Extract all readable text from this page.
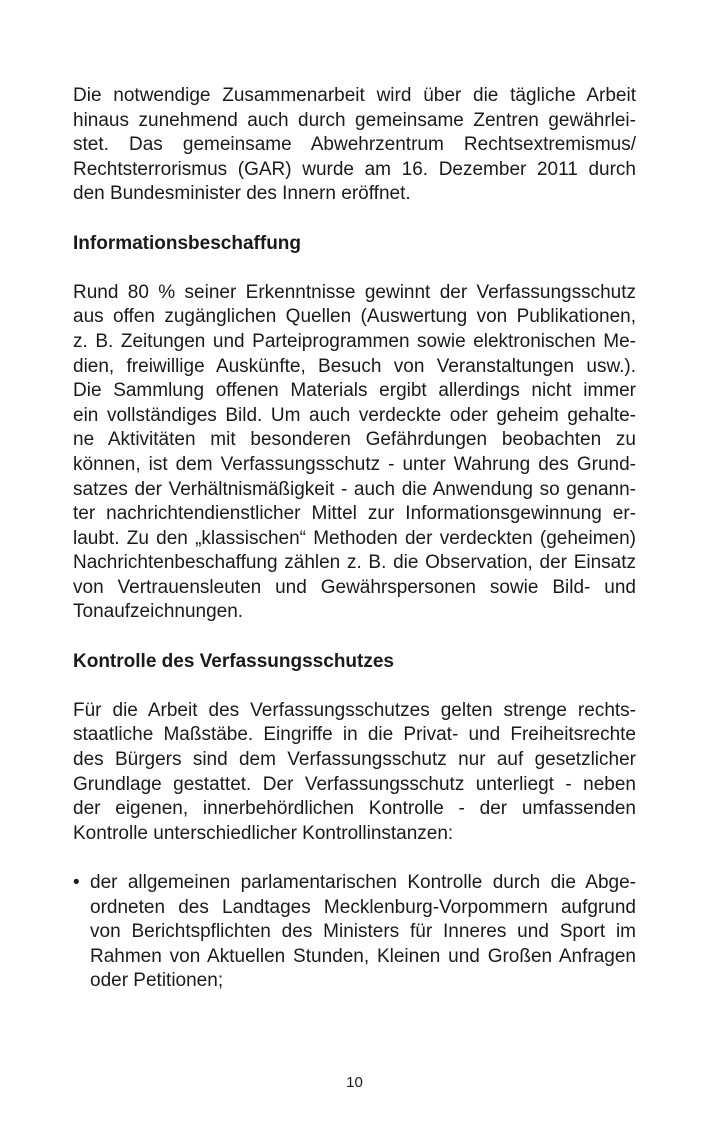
Die notwendige Zusammenarbeit wird über die tägliche Arbeit
hinaus zunehmend auch durch gemeinsame Zentren gewährlei-
stet. Das gemeinsame Abwehrzentrum Rechtsextremismus/
Rechtsterrorismus (GAR) wurde am 16. Dezember 2011 durch
den Bundesminister des Innern eröffnet.
Informationsbeschaffung
Rund 80 % seiner Erkenntnisse gewinnt der Verfassungsschutz
aus offen zugänglichen Quellen (Auswertung von Publikationen,
z. B. Zeitungen und Parteiprogrammen sowie elektronischen Me-
dien, freiwillige Auskünfte, Besuch von Veranstaltungen usw.).
Die Sammlung offenen Materials ergibt allerdings nicht immer
ein vollständiges Bild. Um auch verdeckte oder geheim gehalte-
ne Aktivitäten mit besonderen Gefährdungen beobachten zu
können, ist dem Verfassungsschutz - unter Wahrung des Grund-
satzes der Verhältnismäßigkeit - auch die Anwendung so genann-
ter nachrichtendienstlicher Mittel zur Informationsgewinnung er-
laubt. Zu den „klassischen“ Methoden der verdeckten (geheimen)
Nachrichtenbeschaffung zählen z. B. die Observation, der Einsatz
von Vertrauensleuten und Gewährspersonen sowie Bild- und
Tonaufzeichnungen.
Kontrolle des Verfassungsschutzes
Für die Arbeit des Verfassungsschutzes gelten strenge rechts-
staatliche Maßstäbe. Eingriffe in die Privat- und Freiheitsrechte
des Bürgers sind dem Verfassungsschutz nur auf gesetzlicher
Grundlage gestattet. Der Verfassungsschutz unterliegt - neben
der eigenen, innerbehördlichen Kontrolle - der umfassenden
Kontrolle unterschiedlicher Kontrollinstanzen:
• der allgemeinen parlamentarischen Kontrolle durch die Abge-
ordneten des Landtages Mecklenburg-Vorpommern aufgrund
von Berichtspflichten des Ministers für Inneres und Sport im
Rahmen von Aktuellen Stunden, Kleinen und Großen Anfragen
oder Petitionen;
10
